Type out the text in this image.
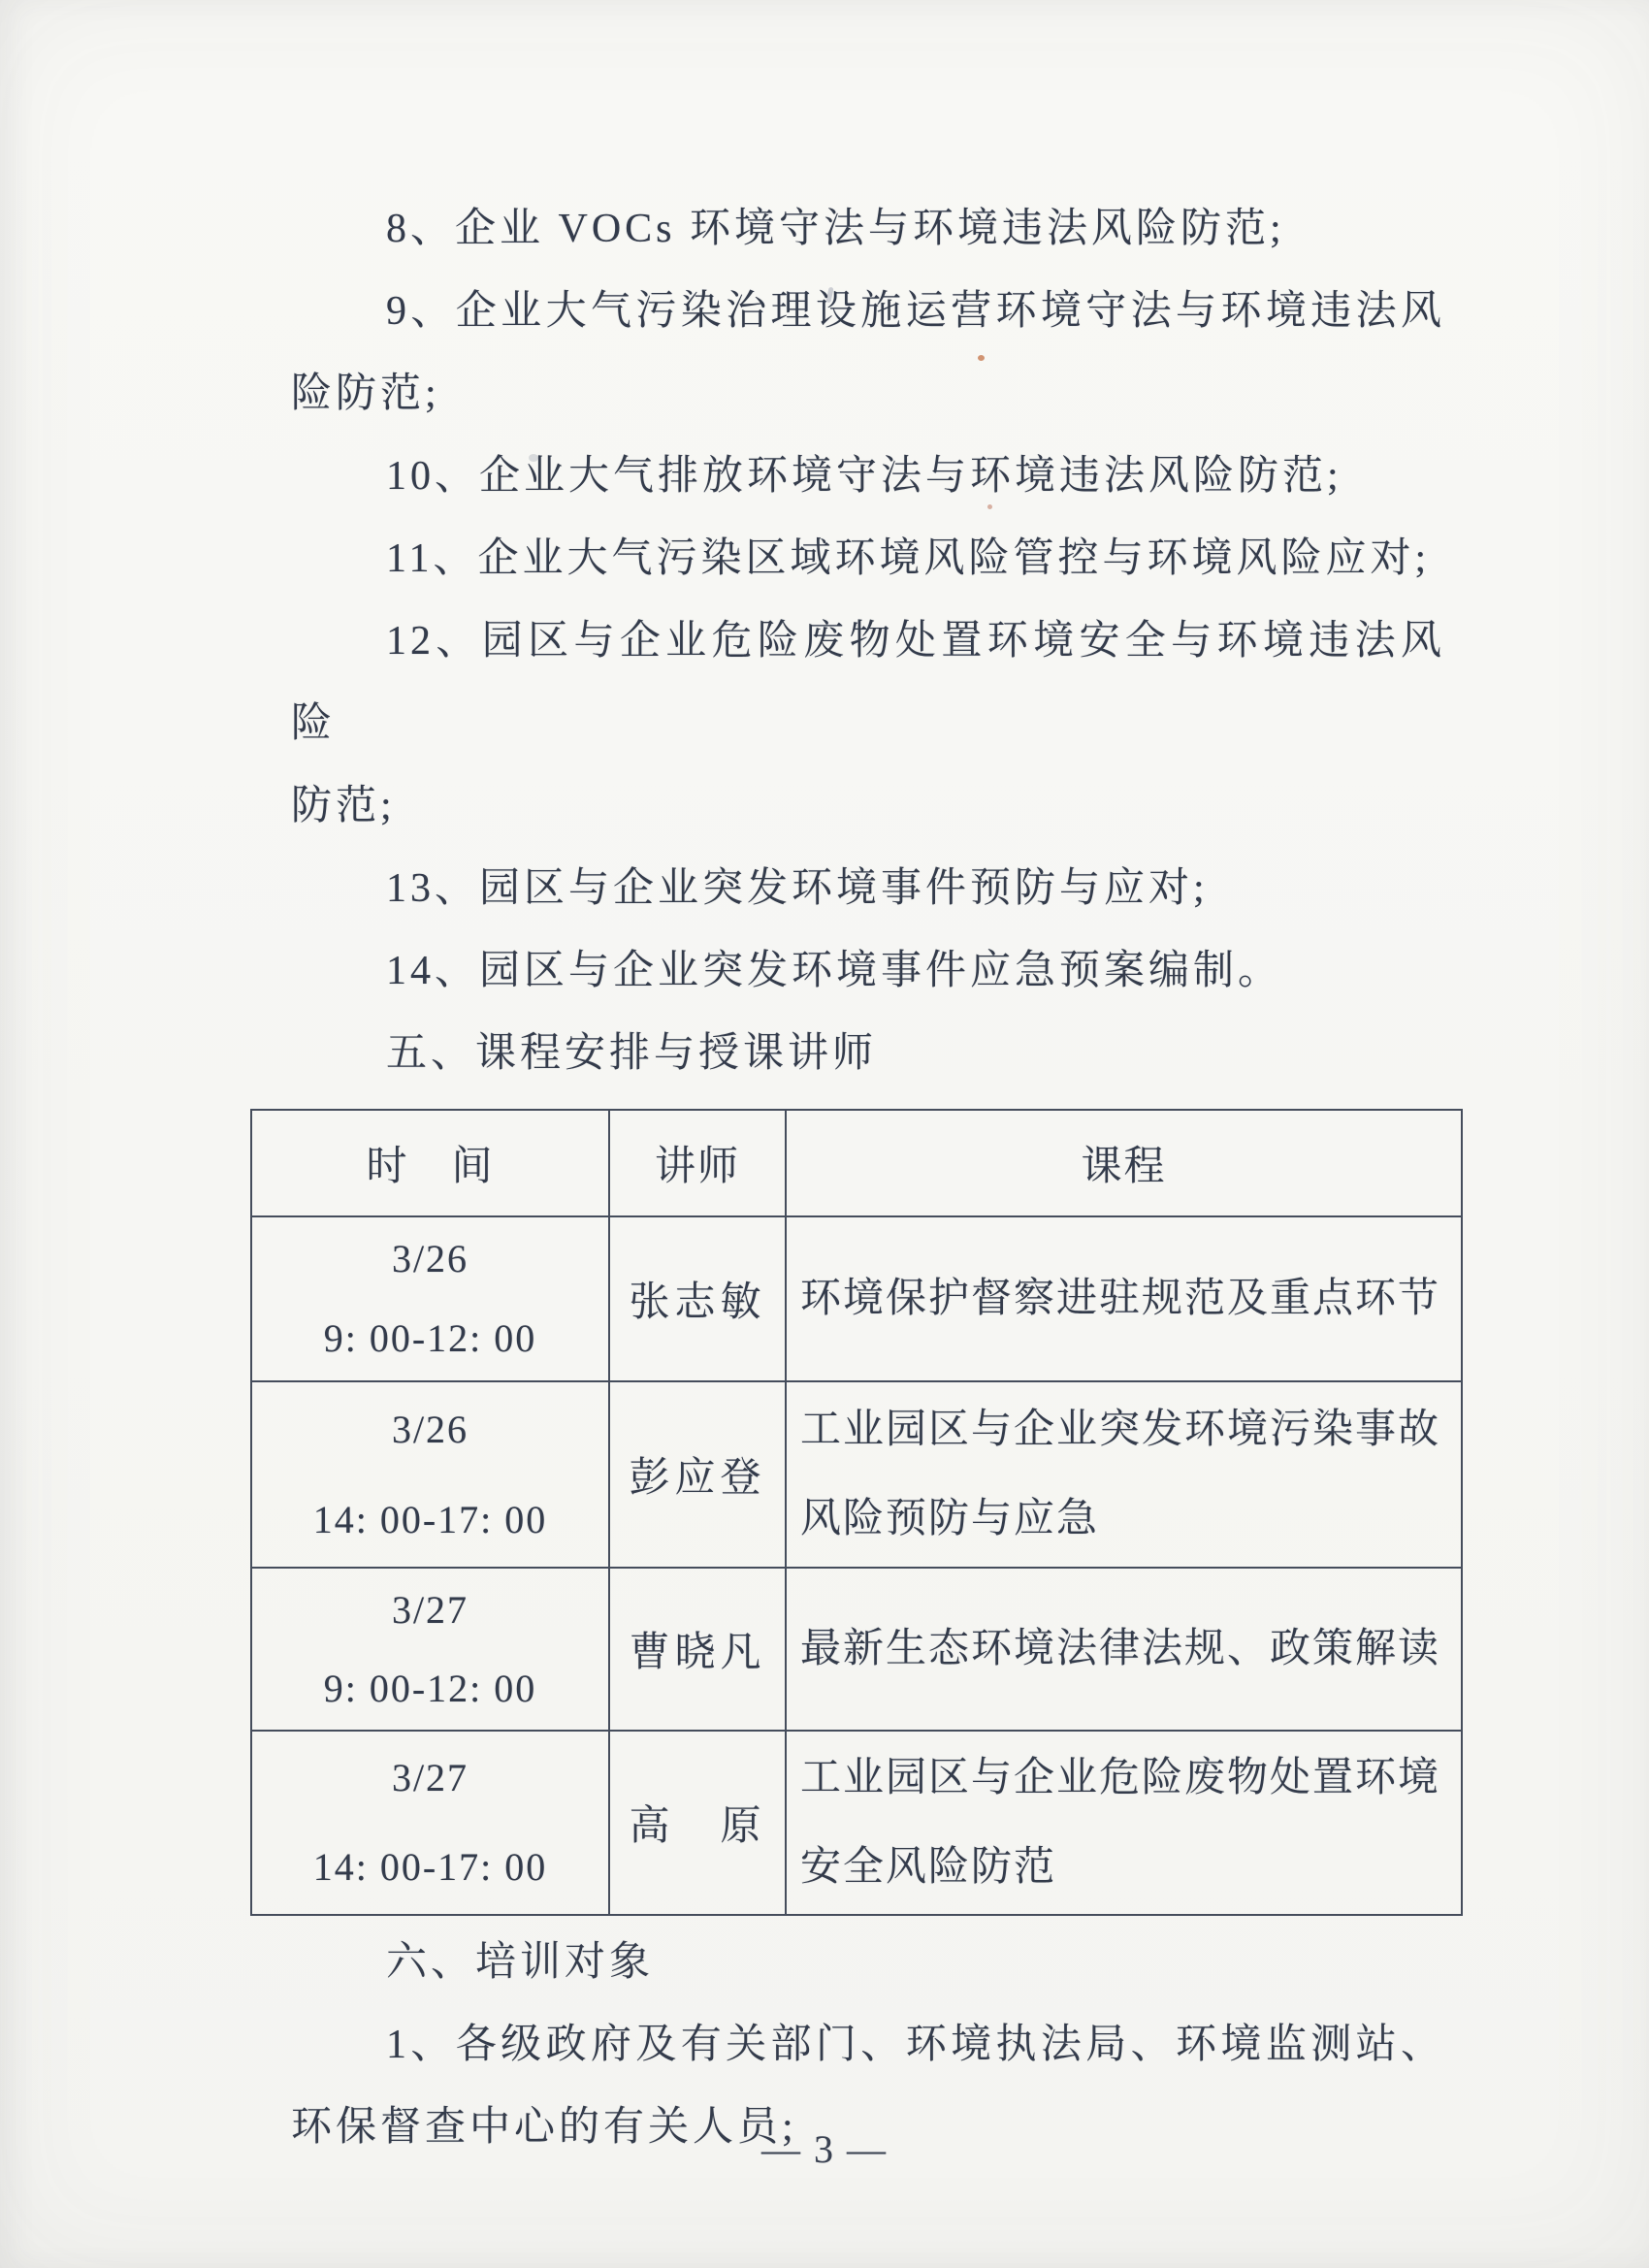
8、企业 VOCs 环境守法与环境违法风险防范;

9、企业大气污染治理设施运营环境守法与环境违法风

险防范;

10、企业大气排放环境守法与环境违法风险防范;

11、企业大气污染区域环境风险管控与环境风险应对;

12、园区与企业危险废物处置环境安全与环境违法风险

防范;

13、园区与企业突发环境事件预防与应对;

14、园区与企业突发环境事件应急预案编制。

五、课程安排与授课讲师

时　间	讲师	课程

3/26
9: 00-12: 00	张志敏	环境保护督察进驻规范及重点环节

3/26
14: 00-17: 00	彭应登	工业园区与企业突发环境污染事故风险预防与应急

3/27
9: 00-12: 00	曹晓凡	最新生态环境法律法规、政策解读

3/27
14: 00-17: 00	高　原	工业园区与企业危险废物处置环境安全风险防范

六、培训对象

1、各级政府及有关部门、环境执法局、环境监测站、

环保督查中心的有关人员;

— 3 —
